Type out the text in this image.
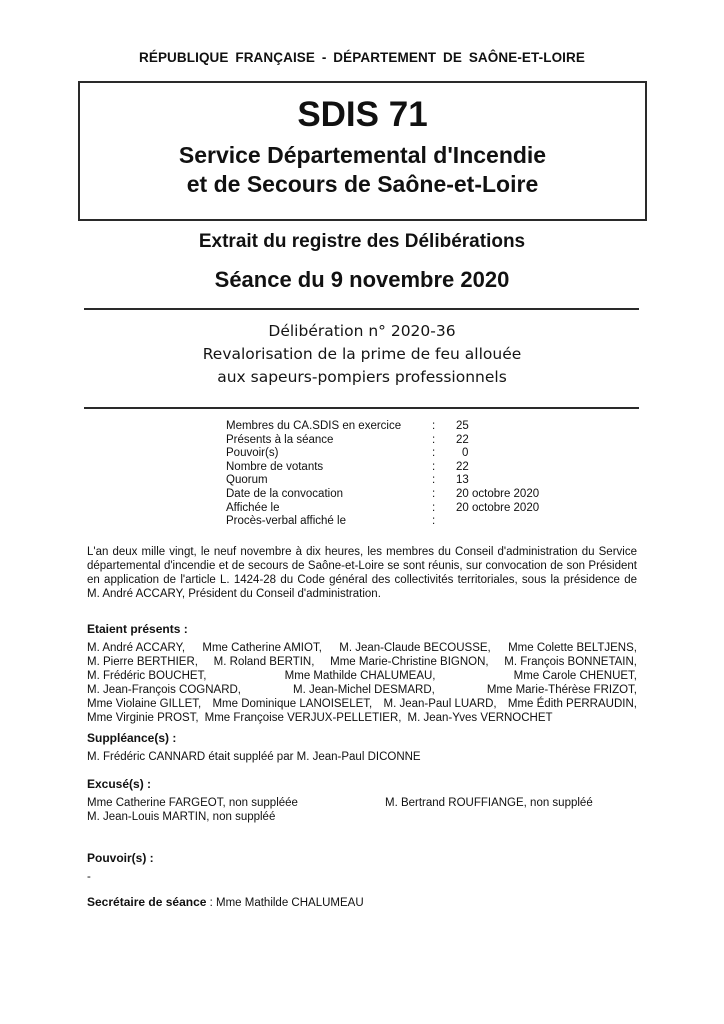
RÉPUBLIQUE FRANÇAISE - DÉPARTEMENT DE SAÔNE-ET-LOIRE
SDIS 71
Service Départemental d'Incendie
et de Secours de Saône-et-Loire
Extrait du registre des Délibérations
Séance du 9 novembre 2020
Délibération n° 2020-36
Revalorisation de la prime de feu allouée
aux sapeurs-pompiers professionnels
Membres du CA.SDIS en exercice	: 25
Présents à la séance	: 22
Pouvoir(s)	: 0
Nombre de votants	: 22
Quorum	: 13
Date de la convocation	: 20 octobre 2020
Affichée le	: 20 octobre 2020
Procès-verbal affiché le	:
L'an deux mille vingt, le neuf novembre à dix heures, les membres du Conseil d'administration du Service départemental d'incendie et de secours de Saône-et-Loire se sont réunis, sur convocation de son Président en application de l'article L. 1424-28 du Code général des collectivités territoriales, sous la présidence de M. André ACCARY, Président du Conseil d'administration.
Etaient présents :
M. André ACCARY, Mme Catherine AMIOT, M. Jean-Claude BECOUSSE, Mme Colette BELTJENS,
M. Pierre BERTHIER, M. Roland BERTIN, Mme Marie-Christine BIGNON, M. François BONNETAIN,
M. Frédéric BOUCHET,	Mme Mathilde CHALUMEAU,	Mme Carole CHENUET,
M. Jean-François COGNARD,	M. Jean-Michel DESMARD,	Mme Marie-Thérèse FRIZOT,
Mme Violaine GILLET, Mme Dominique LANOISELET, M. Jean-Paul LUARD, Mme Édith PERRAUDIN,
Mme Virginie PROST, Mme Françoise VERJUX-PELLETIER, M. Jean-Yves VERNOCHET
Suppléance(s) :
M. Frédéric CANNARD était suppléé par M. Jean-Paul DICONNE
Excusé(s) :
Mme Catherine FARGEOT, non suppléée	M. Bertrand ROUFFIANGE, non suppléé
M. Jean-Louis MARTIN, non suppléé
Pouvoir(s) :
-
Secrétaire de séance : Mme Mathilde CHALUMEAU
